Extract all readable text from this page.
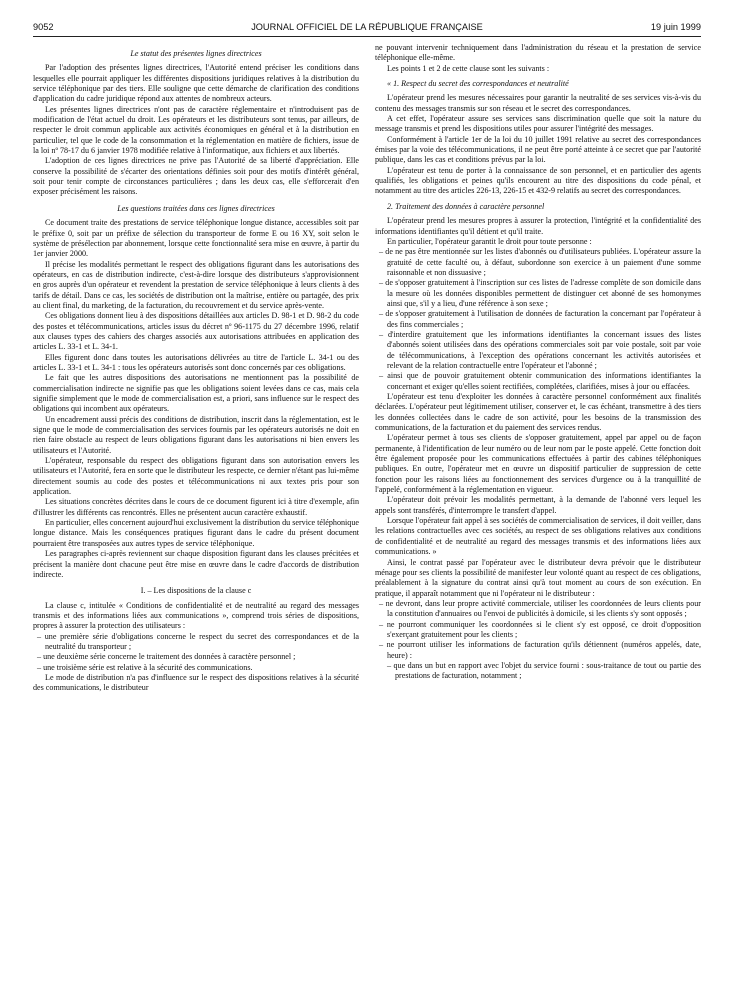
9052	JOURNAL OFFICIEL DE LA RÉPUBLIQUE FRANÇAISE	19 juin 1999
Le statut des présentes lignes directrices

Par l'adoption des présentes lignes directrices, l'Autorité entend préciser les conditions dans lesquelles elle pourrait appliquer les différentes dispositions juridiques relatives à la distribution du service téléphonique par des tiers. Elle souligne que cette démarche de clarification des conditions d'application du cadre juridique répond aux attentes de nombreux acteurs.

Les présentes lignes directrices n'ont pas de caractère réglementaire et n'introduisent pas de modification de l'état actuel du droit. Les opérateurs et les distributeurs sont tenus, par ailleurs, de respecter le droit commun applicable aux activités économiques en général et à la distribution en particulier, tel que le code de la consommation et la réglementation en matière de fichiers, issue de la loi nº 78-17 du 6 janvier 1978 modifiée relative à l'informatique, aux fichiers et aux libertés.

L'adoption de ces lignes directrices ne prive pas l'Autorité de sa liberté d'appréciation. Elle conserve la possibilité de s'écarter des orientations définies soit pour des motifs d'intérêt général, soit pour tenir compte de circonstances particulières ; dans les deux cas, elle s'efforcerait d'en exposer précisément les raisons.

Les questions traitées dans ces lignes directrices

Ce document traite des prestations de service téléphonique longue distance, accessibles soit par le préfixe 0, soit par un préfixe de sélection du transporteur de forme E ou 16 XY, soit selon le système de présélection par abonnement, lorsque cette fonctionnalité sera mise en œuvre, à partir du 1er janvier 2000.

Il précise les modalités permettant le respect des obligations figurant dans les autorisations des opérateurs, en cas de distribution indirecte, c'est-à-dire lorsque des distributeurs s'approvisionnent en gros auprès d'un opérateur et revendent la prestation de service téléphonique à leurs clients à des tarifs de détail. Dans ce cas, les sociétés de distribution ont la maîtrise, entière ou partagée, des prix au client final, du marketing, de la facturation, du recouvrement et du service après-vente.

Ces obligations donnent lieu à des dispositions détaillées aux articles D. 98-1 et D. 98-2 du code des postes et télécommunications, articles issus du décret nº 96-1175 du 27 décembre 1996, relatif aux clauses types des cahiers des charges associés aux autorisations attribuées en application des articles L. 33-1 et L. 34-1.

Elles figurent donc dans toutes les autorisations délivrées au titre de l'article L. 34-1 ou des articles L. 33-1 et L. 34-1 : tous les opérateurs autorisés sont donc concernés par ces obligations.

Le fait que les autres dispositions des autorisations ne mentionnent pas la possibilité de commercialisation indirecte ne signifie pas que les obligations soient levées dans ce cas, mais cela signifie simplement que le mode de commercialisation est, a priori, sans influence sur le respect des obligations qui incombent aux opérateurs.

Un encadrement aussi précis des conditions de distribution, inscrit dans la réglementation, est le signe que le mode de commercialisation des services fournis par les opérateurs autorisés ne doit en rien faire obstacle au respect de leurs obligations figurant dans les autorisations ni bien envers les utilisateurs et l'Autorité.

L'opérateur, responsable du respect des obligations figurant dans son autorisation envers les utilisateurs et l'Autorité, fera en sorte que le distributeur les respecte, ce dernier n'étant pas lui-même directement soumis au code des postes et télécommunications ni aux textes pris pour son application.

Les situations concrètes décrites dans le cours de ce document figurent ici à titre d'exemple, afin d'illustrer les différents cas rencontrés. Elles ne présentent aucun caractère exhaustif.

En particulier, elles concernent aujourd'hui exclusivement la distribution du service téléphonique longue distance. Mais les conséquences pratiques figurant dans le cadre du présent document pourraient être transposées aux autres types de service téléphonique.

Les paragraphes ci-après reviennent sur chaque disposition figurant dans les clauses précitées et précisent la manière dont chacune peut être mise en œuvre dans le cadre d'accords de distribution indirecte.

I. – Les dispositions de la clause c

La clause c, intitulée « Conditions de confidentialité et de neutralité au regard des messages transmis et des informations liées aux communications », comprend trois séries de dispositions, propres à assurer la protection des utilisateurs :

– une première série d'obligations concerne le respect du secret des correspondances et de la neutralité du transporteur ;

– une deuxième série concerne le traitement des données à caractère personnel ;

– une troisième série est relative à la sécurité des communications.

Le mode de distribution n'a pas d'influence sur le respect des dispositions relatives à la sécurité des communications, le distributeur

ne pouvant intervenir techniquement dans l'administration du réseau et la prestation de service téléphonique elle-même.

Les points 1 et 2 de cette clause sont les suivants :

« 1. Respect du secret des correspondances et neutralité

L'opérateur prend les mesures nécessaires pour garantir la neutralité de ses services vis-à-vis du contenu des messages transmis sur son réseau et le secret des correspondances.

A cet effet, l'opérateur assure ses services sans discrimination quelle que soit la nature du message transmis et prend les dispositions utiles pour assurer l'intégrité des messages.

Conformément à l'article 1er de la loi du 10 juillet 1991 relative au secret des correspondances émises par la voie des télécommunications, il ne peut être porté atteinte à ce secret que par l'autorité publique, dans les cas et conditions prévus par la loi.

L'opérateur est tenu de porter à la connaissance de son personnel, et en particulier des agents qualifiés, les obligations et peines qu'ils encourent au titre des dispositions du code pénal, et notamment au titre des articles 226-13, 226-15 et 432-9 relatifs au secret des correspondances.

2. Traitement des données à caractère personnel

L'opérateur prend les mesures propres à assurer la protection, l'intégrité et la confidentialité des informations identifiantes qu'il détient et qu'il traite.

En particulier, l'opérateur garantit le droit pour toute personne :

– de ne pas être mentionnée sur les listes d'abonnés ou d'utilisateurs publiées. L'opérateur assure la gratuité de cette faculté ou, à défaut, subordonne son exercice à un paiement d'une somme raisonnable et non dissuasive ;

– de s'opposer gratuitement à l'inscription sur ces listes de l'adresse complète de son domicile dans la mesure où les données disponibles permettent de distinguer cet abonné de ses homonymes ainsi que, s'il y a lieu, d'une référence à son sexe ;

– de s'opposer gratuitement à l'utilisation de données de facturation la concernant par l'opérateur à des fins commerciales ;

– d'interdire gratuitement que les informations identifiantes la concernant issues des listes d'abonnés soient utilisées dans des opérations commerciales soit par voie postale, soit par voie de télécommunications, à l'exception des opérations concernant les activités autorisées et relevant de la relation contractuelle entre l'opérateur et l'abonné ;

– ainsi que de pouvoir gratuitement obtenir communication des informations identifiantes la concernant et exiger qu'elles soient rectifiées, complétées, clarifiées, mises à jour ou effacées.

L'opérateur est tenu d'exploiter les données à caractère personnel conformément aux finalités déclarées. L'opérateur peut légitimement utiliser, conserver et, le cas échéant, transmettre à des tiers les données collectées dans le cadre de son activité, pour les besoins de la transmission des communications, de la facturation et du paiement des services rendus.

L'opérateur permet à tous ses clients de s'opposer gratuitement, appel par appel ou de façon permanente, à l'identification de leur numéro ou de leur nom par le poste appelé. Cette fonction doit être également proposée pour les communications effectuées à partir des cabines téléphoniques publiques. En outre, l'opérateur met en œuvre un dispositif particulier de suppression de cette fonction pour les raisons liées au fonctionnement des services d'urgence ou à la tranquillité de l'appelé, conformément à la réglementation en vigueur.

L'opérateur doit prévoir les modalités permettant, à la demande de l'abonné vers lequel les appels sont transférés, d'interrompre le transfert d'appel.

Lorsque l'opérateur fait appel à ses sociétés de commercialisation de services, il doit veiller, dans les relations contractuelles avec ces sociétés, au respect de ses obligations relatives aux conditions de confidentialité et de neutralité au regard des messages transmis et des informations liées aux communications. »

Ainsi, le contrat passé par l'opérateur avec le distributeur devra prévoir que le distributeur ménage pour ses clients la possibilité de manifester leur volonté quant au respect de ces obligations, préalablement à la signature du contrat ainsi qu'à tout moment au cours de son exécution. En pratique, il apparaît notamment que ni l'opérateur ni le distributeur :

– ne devront, dans leur propre activité commerciale, utiliser les coordonnées de leurs clients pour la constitution d'annuaires ou l'envoi de publicités à domicile, si les clients s'y sont opposés ;

– ne pourront communiquer les coordonnées si le client s'y est opposé, ce droit d'opposition s'exerçant gratuitement pour les clients ;

– ne pourront utiliser les informations de facturation qu'ils détiennent (numéros appelés, date, heure) :

– que dans un but en rapport avec l'objet du service fourni : sous-traitance de tout ou partie des prestations de facturation, notamment ;
